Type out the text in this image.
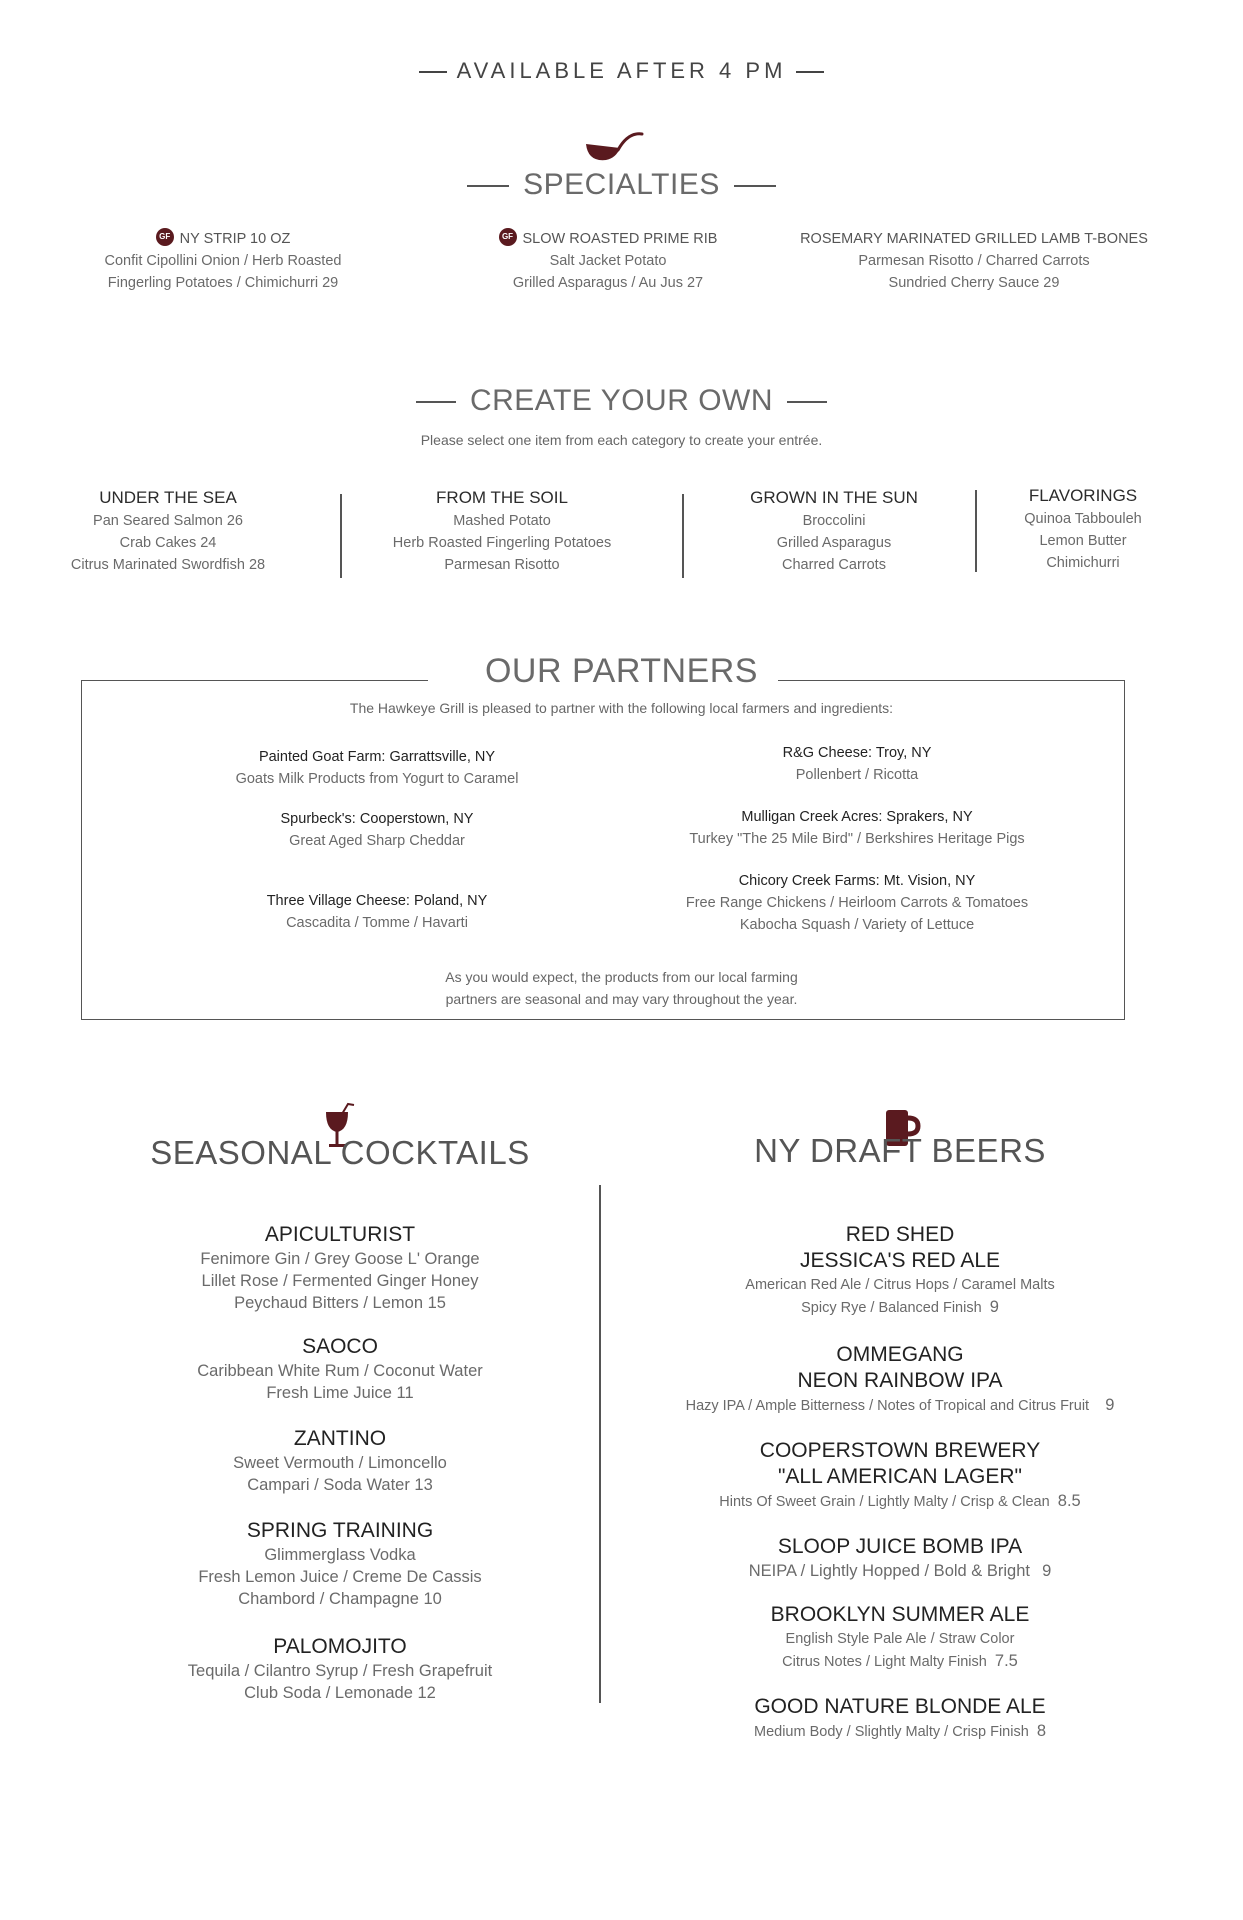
AVAILABLE AFTER 4 PM
SPECIALTIES
GF NY STRIP 10 OZ
Confit Cipollini Onion / Herb Roasted
Fingerling Potatoes / Chimichurri 29
GF SLOW ROASTED PRIME RIB
Salt Jacket Potato
Grilled Asparagus / Au Jus 27
ROSEMARY MARINATED GRILLED LAMB T-BONES
Parmesan Risotto / Charred Carrots
Sundried Cherry Sauce 29
CREATE YOUR OWN
Please select one item from each category to create your entrée.
UNDER THE SEA
Pan Seared Salmon 26
Crab Cakes 24
Citrus Marinated Swordfish 28
FROM THE SOIL
Mashed Potato
Herb Roasted Fingerling Potatoes
Parmesan Risotto
GROWN IN THE SUN
Broccolini
Grilled Asparagus
Charred Carrots
FLAVORINGS
Quinoa Tabbouleh
Lemon Butter
Chimichurri
OUR PARTNERS
The Hawkeye Grill is pleased to partner with the following local farmers and ingredients:
Painted Goat Farm: Garrattsville, NY
Goats Milk Products from Yogurt to Caramel
Spurbeck's: Cooperstown, NY
Great Aged Sharp Cheddar
Three Village Cheese: Poland, NY
Cascadita / Tomme / Havarti
R&G Cheese: Troy, NY
Pollenbert / Ricotta
Mulligan Creek Acres: Sprakers, NY
Turkey "The 25 Mile Bird" / Berkshires Heritage Pigs
Chicory Creek Farms: Mt. Vision, NY
Free Range Chickens / Heirloom Carrots & Tomatoes
Kabocha Squash / Variety of Lettuce
As you would expect, the products from our local farming
partners are seasonal and may vary throughout the year.
SEASONAL COCKTAILS	NY DRAFT BEERS
APICULTURIST
Fenimore Gin / Grey Goose L' Orange
Lillet Rose / Fermented Ginger Honey
Peychaud Bitters / Lemon 15
SAOCO
Caribbean White Rum / Coconut Water
Fresh Lime Juice 11
ZANTINO
Sweet Vermouth / Limoncello
Campari / Soda Water 13
SPRING TRAINING
Glimmerglass Vodka
Fresh Lemon Juice / Creme De Cassis
Chambord / Champagne 10
PALOMOJITO
Tequila / Cilantro Syrup / Fresh Grapefruit
Club Soda / Lemonade 12
RED SHED
JESSICA'S RED ALE
American Red Ale / Citrus Hops / Caramel Malts
Spicy Rye / Balanced Finish 9
OMMEGANG
NEON RAINBOW IPA
Hazy IPA / Ample Bitterness / Notes of Tropical and Citrus Fruit 9
COOPERSTOWN BREWERY
"ALL AMERICAN LAGER"
Hints Of Sweet Grain / Lightly Malty / Crisp & Clean 8.5
SLOOP JUICE BOMB IPA
NEIPA / Lightly Hopped / Bold & Bright 9
BROOKLYN SUMMER ALE
English Style Pale Ale / Straw Color
Citrus Notes / Light Malty Finish 7.5
GOOD NATURE BLONDE ALE
Medium Body / Slightly Malty / Crisp Finish 8
